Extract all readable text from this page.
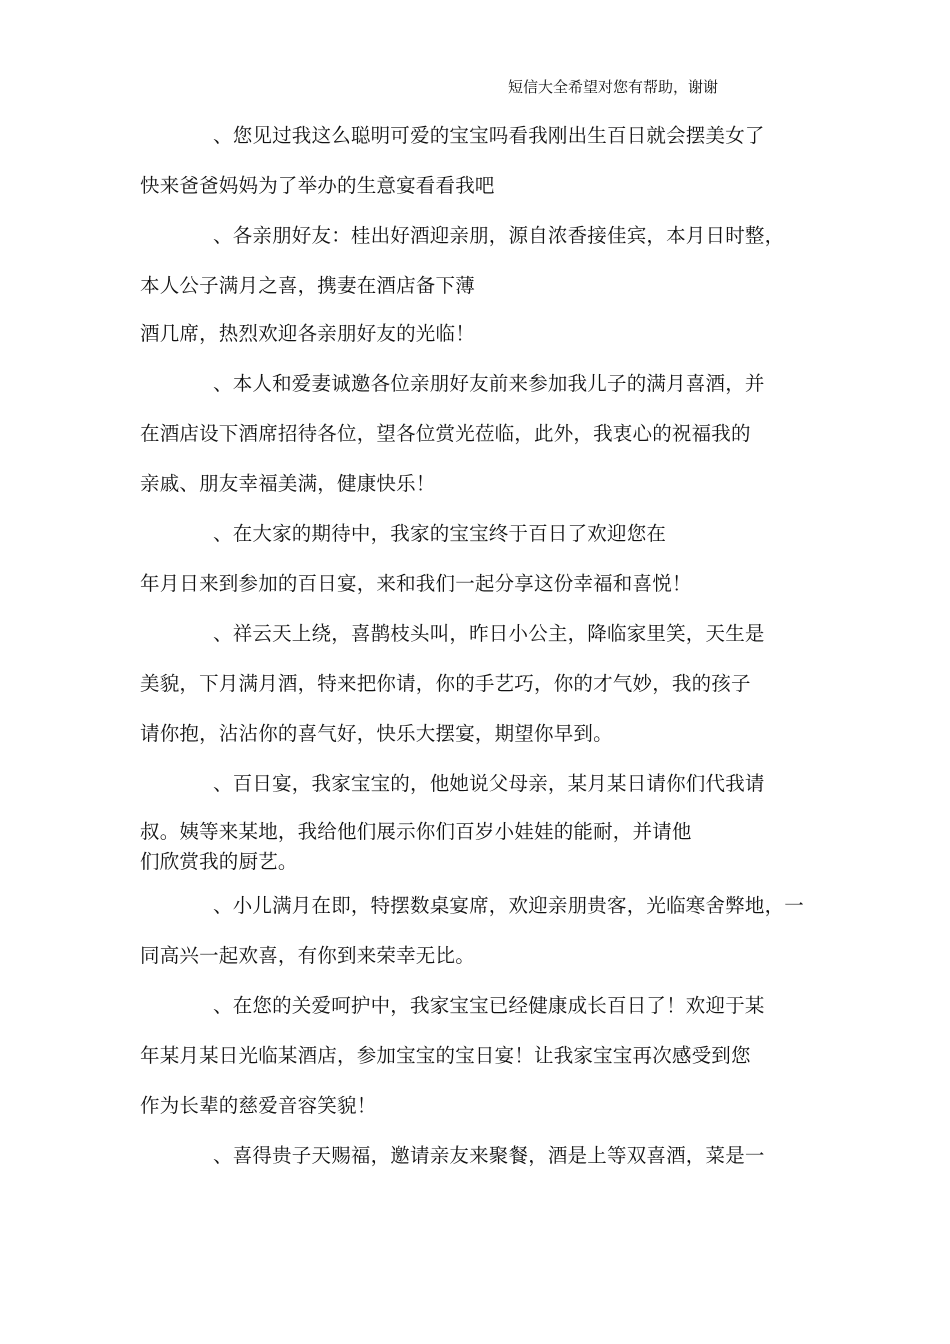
短信大全希望对您有帮助，谢谢
、您见过我这么聪明可爱的宝宝吗看我刚出生百日就会摆美女了
快来爸爸妈妈为了举办的生意宴看看我吧
、各亲朋好友：桂出好酒迎亲朋，源自浓香接佳宾，本月日时整，
本人公子满月之喜，携妻在酒店备下薄
酒几席，热烈欢迎各亲朋好友的光临！
、本人和爱妻诚邀各位亲朋好友前来参加我儿子的满月喜酒，并
在酒店设下酒席招待各位，望各位赏光莅临，此外，我衷心的祝福我的
亲戚、朋友幸福美满，健康快乐！
、在大家的期待中，我家的宝宝终于百日了欢迎您在
年月日来到参加的百日宴，来和我们一起分享这份幸福和喜悦！
、祥云天上绕，喜鹊枝头叫，昨日小公主，降临家里笑，天生是
美貌，下月满月酒，特来把你请，你的手艺巧，你的才气妙，我的孩子
请你抱，沾沾你的喜气好，快乐大摆宴，期望你早到。
、百日宴，我家宝宝的，他她说父母亲，某月某日请你们代我请
叔。姨等来某地，我给他们展示你们百岁小娃娃的能耐，并请他
们欣赏我的厨艺。
、小儿满月在即，特摆数桌宴席，欢迎亲朋贵客，光临寒舍弊地，一
同高兴一起欢喜，有你到来荣幸无比。
、在您的关爱呵护中，我家宝宝已经健康成长百日了！欢迎于某
年某月某日光临某酒店，参加宝宝的宝日宴！让我家宝宝再次感受到您
作为长辈的慈爱音容笑貌！
、喜得贵子天赐福，邀请亲友来聚餐，酒是上等双喜酒，菜是一
